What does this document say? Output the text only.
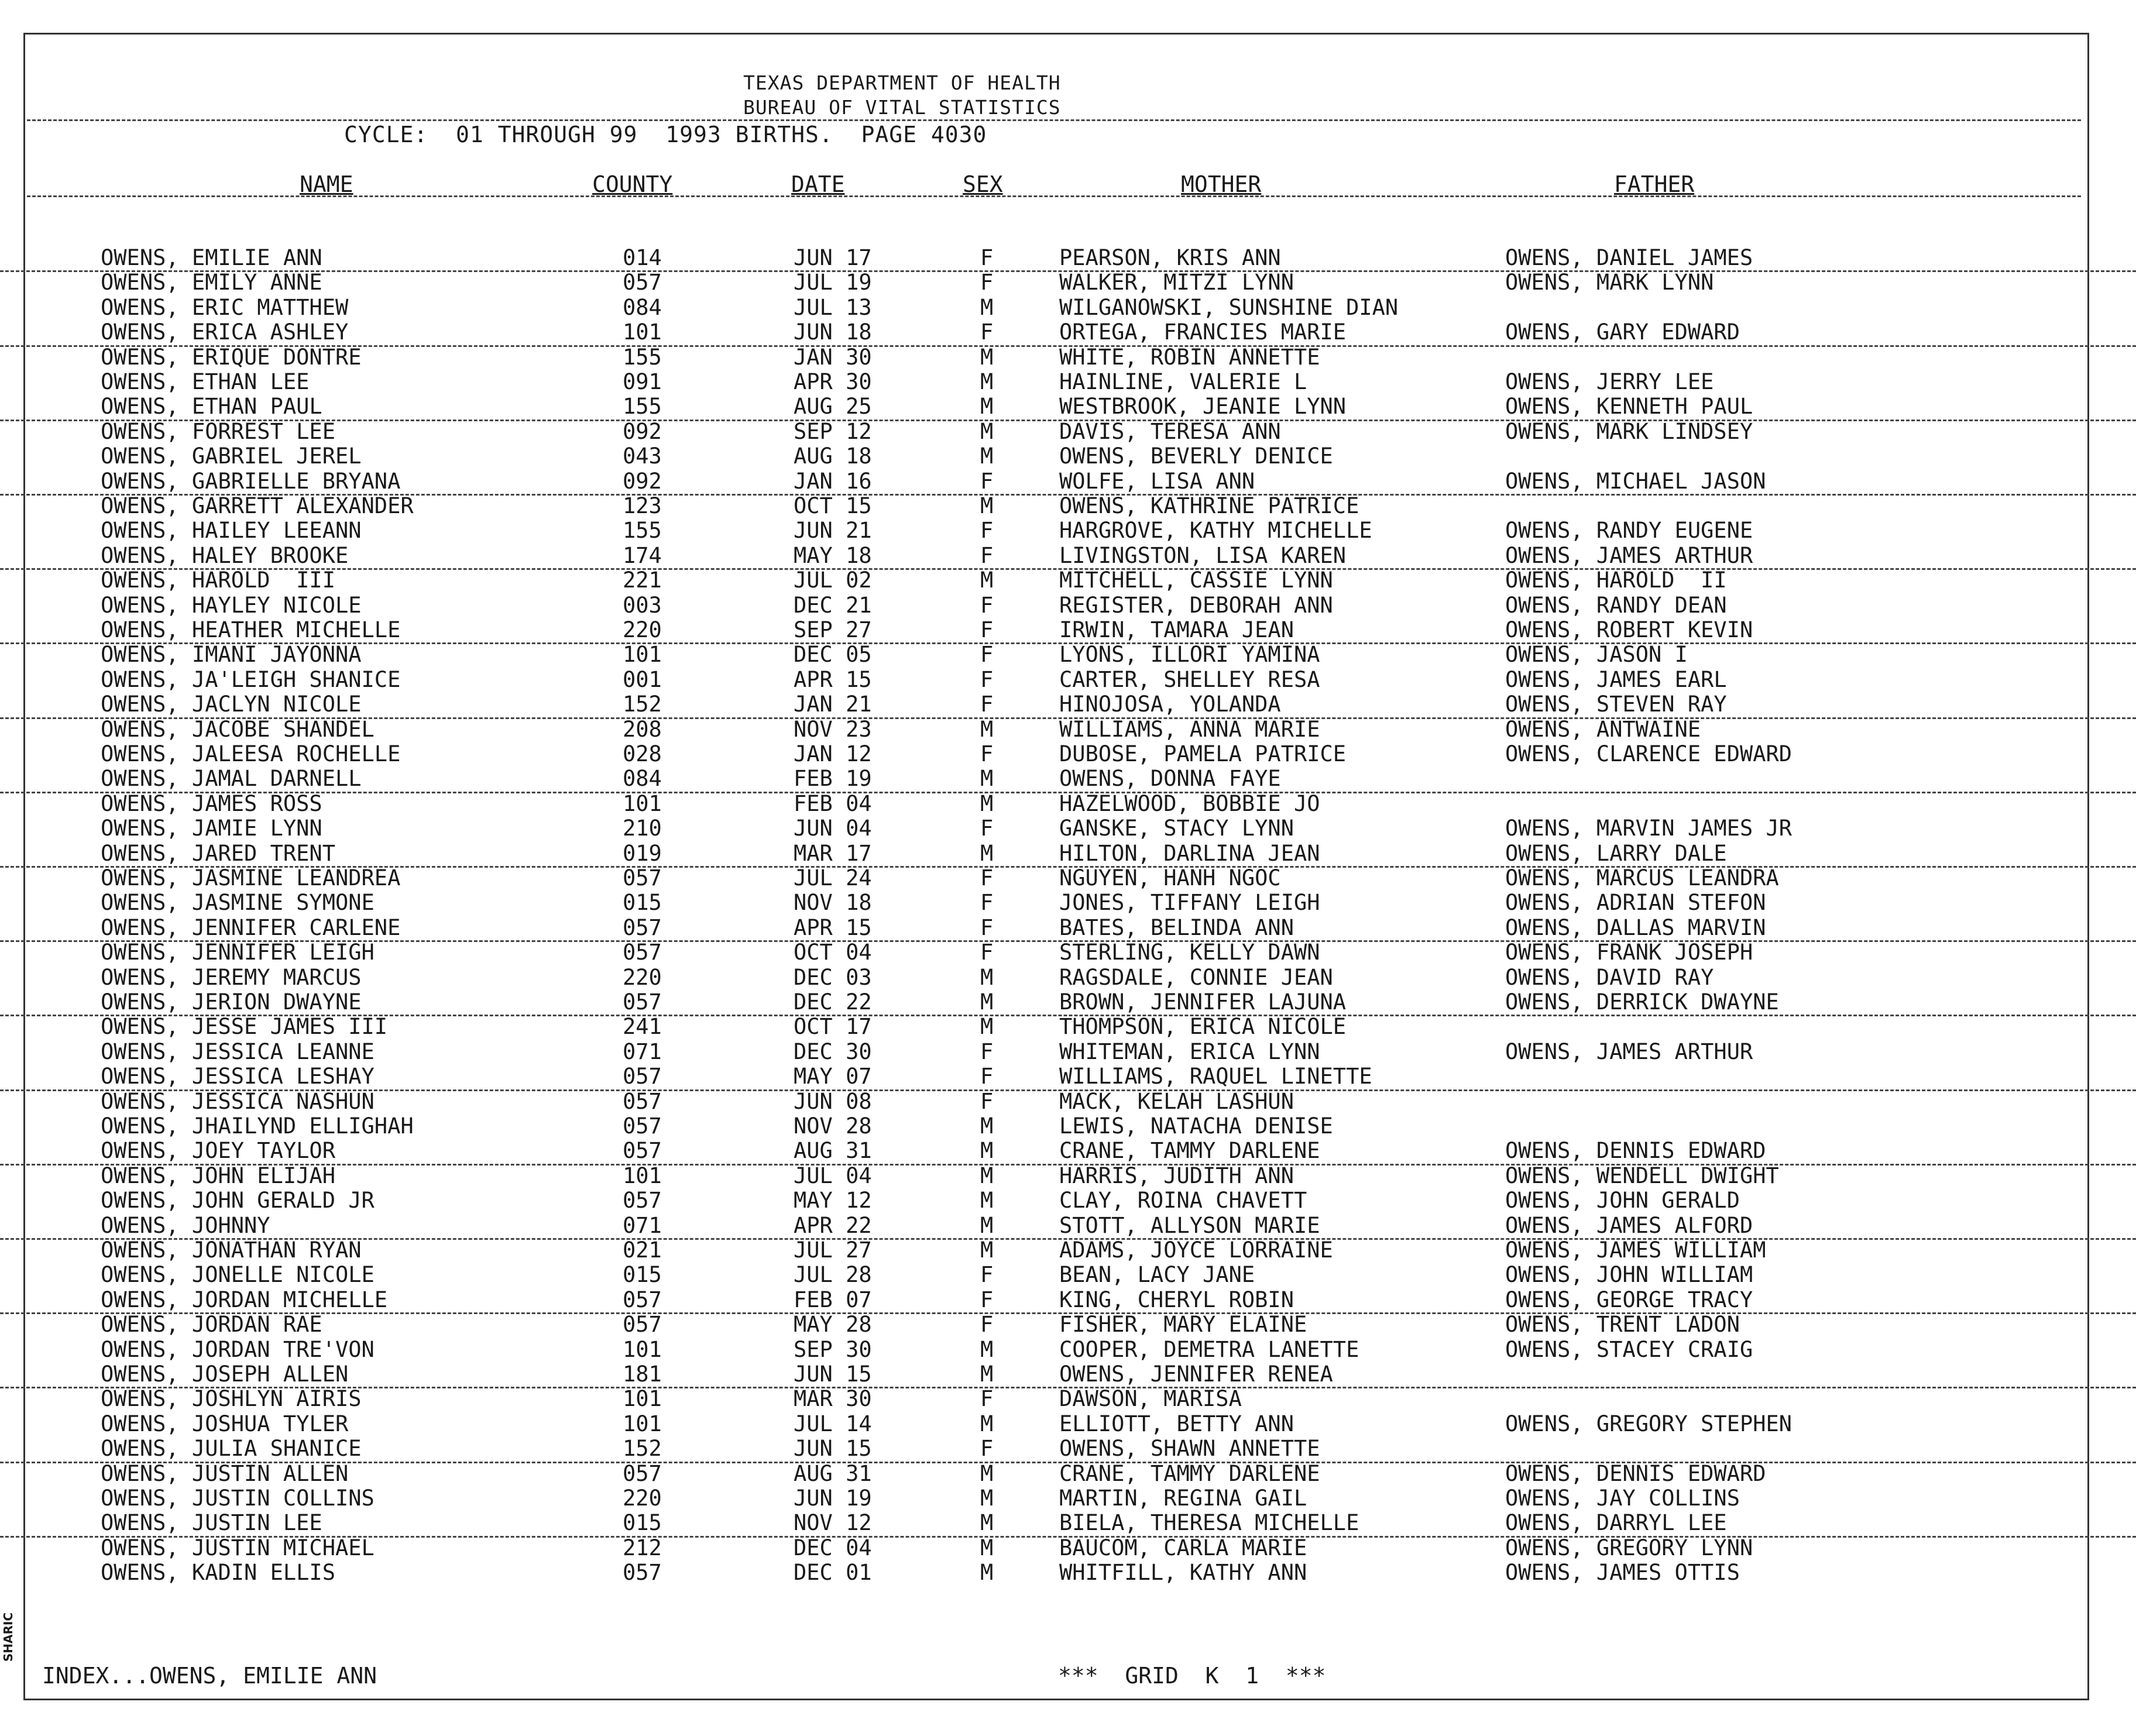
TEXAS DEPARTMENT OF HEALTH
BUREAU OF VITAL STATISTICS
CYCLE:  01 THROUGH 99  1993 BIRTHS.  PAGE 4030
NAME	COUNTY	DATE	SEX	MOTHER	FATHER
OWENS, EMILIE ANN	014	JUN 17	F	PEARSON, KRIS ANN	OWENS, DANIEL JAMES
OWENS, EMILY ANNE	057	JUL 19	F	WALKER, MITZI LYNN	OWENS, MARK LYNN
OWENS, ERIC MATTHEW	084	JUL 13	M	WILGANOWSKI, SUNSHINE DIAN
OWENS, ERICA ASHLEY	101	JUN 18	F	ORTEGA, FRANCIES MARIE	OWENS, GARY EDWARD
OWENS, ERIQUE DONTRE	155	JAN 30	M	WHITE, ROBIN ANNETTE
OWENS, ETHAN LEE	091	APR 30	M	HAINLINE, VALERIE L	OWENS, JERRY LEE
OWENS, ETHAN PAUL	155	AUG 25	M	WESTBROOK, JEANIE LYNN	OWENS, KENNETH PAUL
OWENS, FORREST LEE	092	SEP 12	M	DAVIS, TERESA ANN	OWENS, MARK LINDSEY
OWENS, GABRIEL JEREL	043	AUG 18	M	OWENS, BEVERLY DENICE
OWENS, GABRIELLE BRYANA	092	JAN 16	F	WOLFE, LISA ANN	OWENS, MICHAEL JASON
OWENS, GARRETT ALEXANDER	123	OCT 15	M	OWENS, KATHRINE PATRICE
OWENS, HAILEY LEEANN	155	JUN 21	F	HARGROVE, KATHY MICHELLE	OWENS, RANDY EUGENE
OWENS, HALEY BROOKE	174	MAY 18	F	LIVINGSTON, LISA KAREN	OWENS, JAMES ARTHUR
OWENS, HAROLD  III	221	JUL 02	M	MITCHELL, CASSIE LYNN	OWENS, HAROLD  II
OWENS, HAYLEY NICOLE	003	DEC 21	F	REGISTER, DEBORAH ANN	OWENS, RANDY DEAN
OWENS, HEATHER MICHELLE	220	SEP 27	F	IRWIN, TAMARA JEAN	OWENS, ROBERT KEVIN
OWENS, IMANI JAYONNA	101	DEC 05	F	LYONS, ILLORI YAMINA	OWENS, JASON I
OWENS, JA'LEIGH SHANICE	001	APR 15	F	CARTER, SHELLEY RESA	OWENS, JAMES EARL
OWENS, JACLYN NICOLE	152	JAN 21	F	HINOJOSA, YOLANDA	OWENS, STEVEN RAY
OWENS, JACOBE SHANDEL	208	NOV 23	M	WILLIAMS, ANNA MARIE	OWENS, ANTWAINE
OWENS, JALEESA ROCHELLE	028	JAN 12	F	DUBOSE, PAMELA PATRICE	OWENS, CLARENCE EDWARD
OWENS, JAMAL DARNELL	084	FEB 19	M	OWENS, DONNA FAYE
OWENS, JAMES ROSS	101	FEB 04	M	HAZELWOOD, BOBBIE JO
OWENS, JAMIE LYNN	210	JUN 04	F	GANSKE, STACY LYNN	OWENS, MARVIN JAMES JR
OWENS, JARED TRENT	019	MAR 17	M	HILTON, DARLINA JEAN	OWENS, LARRY DALE
OWENS, JASMINE LEANDREA	057	JUL 24	F	NGUYEN, HANH NGOC	OWENS, MARCUS LEANDRA
OWENS, JASMINE SYMONE	015	NOV 18	F	JONES, TIFFANY LEIGH	OWENS, ADRIAN STEFON
OWENS, JENNIFER CARLENE	057	APR 15	F	BATES, BELINDA ANN	OWENS, DALLAS MARVIN
OWENS, JENNIFER LEIGH	057	OCT 04	F	STERLING, KELLY DAWN	OWENS, FRANK JOSEPH
OWENS, JEREMY MARCUS	220	DEC 03	M	RAGSDALE, CONNIE JEAN	OWENS, DAVID RAY
OWENS, JERION DWAYNE	057	DEC 22	M	BROWN, JENNIFER LAJUNA	OWENS, DERRICK DWAYNE
OWENS, JESSE JAMES III	241	OCT 17	M	THOMPSON, ERICA NICOLE
OWENS, JESSICA LEANNE	071	DEC 30	F	WHITEMAN, ERICA LYNN	OWENS, JAMES ARTHUR
OWENS, JESSICA LESHAY	057	MAY 07	F	WILLIAMS, RAQUEL LINETTE
OWENS, JESSICA NASHUN	057	JUN 08	F	MACK, KELAH LASHUN
OWENS, JHAILYND ELLIGHAH	057	NOV 28	M	LEWIS, NATACHA DENISE
OWENS, JOEY TAYLOR	057	AUG 31	M	CRANE, TAMMY DARLENE	OWENS, DENNIS EDWARD
OWENS, JOHN ELIJAH	101	JUL 04	M	HARRIS, JUDITH ANN	OWENS, WENDELL DWIGHT
OWENS, JOHN GERALD JR	057	MAY 12	M	CLAY, ROINA CHAVETT	OWENS, JOHN GERALD
OWENS, JOHNNY	071	APR 22	M	STOTT, ALLYSON MARIE	OWENS, JAMES ALFORD
OWENS, JONATHAN RYAN	021	JUL 27	M	ADAMS, JOYCE LORRAINE	OWENS, JAMES WILLIAM
OWENS, JONELLE NICOLE	015	JUL 28	F	BEAN, LACY JANE	OWENS, JOHN WILLIAM
OWENS, JORDAN MICHELLE	057	FEB 07	F	KING, CHERYL ROBIN	OWENS, GEORGE TRACY
OWENS, JORDAN RAE	057	MAY 28	F	FISHER, MARY ELAINE	OWENS, TRENT LADON
OWENS, JORDAN TRE'VON	101	SEP 30	M	COOPER, DEMETRA LANETTE	OWENS, STACEY CRAIG
OWENS, JOSEPH ALLEN	181	JUN 15	M	OWENS, JENNIFER RENEA
OWENS, JOSHLYN AIRIS	101	MAR 30	F	DAWSON, MARISA
OWENS, JOSHUA TYLER	101	JUL 14	M	ELLIOTT, BETTY ANN	OWENS, GREGORY STEPHEN
OWENS, JULIA SHANICE	152	JUN 15	F	OWENS, SHAWN ANNETTE
OWENS, JUSTIN ALLEN	057	AUG 31	M	CRANE, TAMMY DARLENE	OWENS, DENNIS EDWARD
OWENS, JUSTIN COLLINS	220	JUN 19	M	MARTIN, REGINA GAIL	OWENS, JAY COLLINS
OWENS, JUSTIN LEE	015	NOV 12	M	BIELA, THERESA MICHELLE	OWENS, DARRYL LEE
OWENS, JUSTIN MICHAEL	212	DEC 04	M	BAUCOM, CARLA MARIE	OWENS, GREGORY LYNN
OWENS, KADIN ELLIS	057	DEC 01	M	WHITFILL, KATHY ANN	OWENS, JAMES OTTIS
INDEX...OWENS, EMILIE ANN	***  GRID  K  1  ***
SHARIC
